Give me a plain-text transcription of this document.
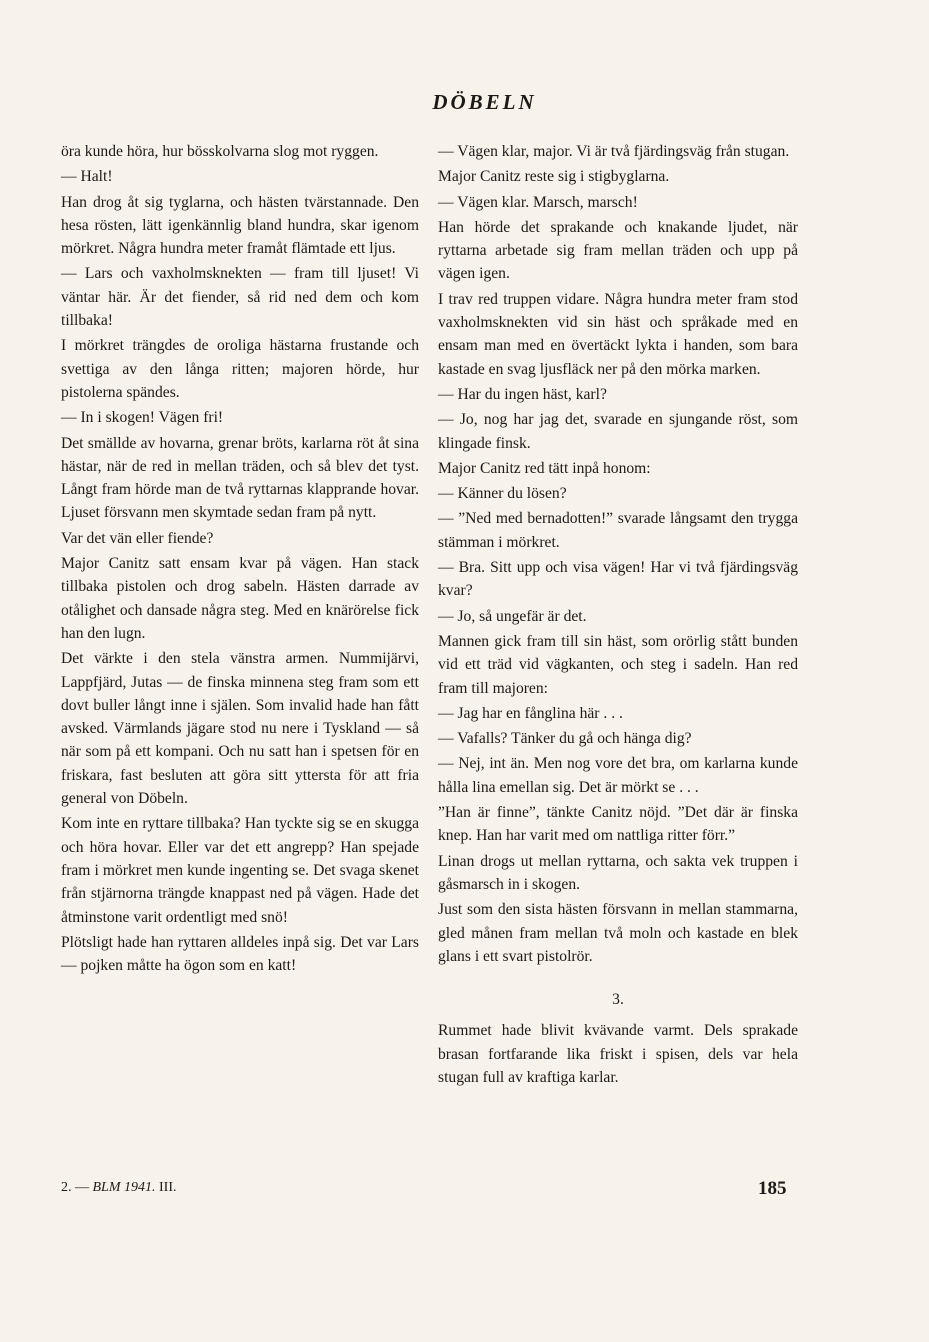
DÖBELN

öra kunde höra, hur bösskolvarna slog mot ryggen.

— Halt!

Han drog åt sig tyglarna, och hästen tvärstannade. Den hesa rösten, lätt igenkännlig bland hundra, skar igenom mörkret. Några hundra meter framåt flämtade ett ljus.

— Lars och vaxholmsknekten — fram till ljuset! Vi väntar här. Är det fiender, så rid ned dem och kom tillbaka!

I mörkret trängdes de oroliga hästarna frustande och svettiga av den långa ritten; majoren hörde, hur pistolerna spändes.

— In i skogen! Vägen fri!

Det smällde av hovarna, grenar bröts, karlarna röt åt sina hästar, när de red in mellan träden, och så blev det tyst. Långt fram hörde man de två ryttarnas klapprande hovar. Ljuset försvann men skymtade sedan fram på nytt.

Var det vän eller fiende?

Major Canitz satt ensam kvar på vägen. Han stack tillbaka pistolen och drog sabeln. Hästen darrade av otålighet och dansade några steg. Med en knärörelse fick han den lugn.

Det värkte i den stela vänstra armen. Nummijärvi, Lappfjärd, Jutas — de finska minnena steg fram som ett dovt buller långt inne i själen. Som invalid hade han fått avsked. Värmlands jägare stod nu nere i Tyskland — så när som på ett kompani. Och nu satt han i spetsen för en friskara, fast besluten att göra sitt yttersta för att fria general von Döbeln.

Kom inte en ryttare tillbaka? Han tyckte sig se en skugga och höra hovar. Eller var det ett angrepp? Han spejade fram i mörkret men kunde ingenting se. Det svaga skenet från stjärnorna trängde knappast ned på vägen. Hade det åtminstone varit ordentligt med snö!

Plötsligt hade han ryttaren alldeles inpå sig. Det var Lars — pojken måtte ha ögon som en katt!

— Vägen klar, major. Vi är två fjärdingsväg från stugan.

Major Canitz reste sig i stigbyglarna.

— Vägen klar. Marsch, marsch!

Han hörde det sprakande och knakande ljudet, när ryttarna arbetade sig fram mellan träden och upp på vägen igen.

I trav red truppen vidare. Några hundra meter fram stod vaxholmsknekten vid sin häst och språkade med en ensam man med en övertäckt lykta i handen, som bara kastade en svag ljusfläck ner på den mörka marken.

— Har du ingen häst, karl?

— Jo, nog har jag det, svarade en sjungande röst, som klingade finsk.

Major Canitz red tätt inpå honom:

— Känner du lösen?

— ”Ned med bernadotten!” svarade långsamt den trygga stämman i mörkret.

— Bra. Sitt upp och visa vägen! Har vi två fjärdingsväg kvar?

— Jo, så ungefär är det.

Mannen gick fram till sin häst, som orörlig stått bunden vid ett träd vid vägkanten, och steg i sadeln. Han red fram till majoren:

— Jag har en fånglina här . . .

— Vafalls? Tänker du gå och hänga dig?

— Nej, int än. Men nog vore det bra, om karlarna kunde hålla lina emellan sig. Det är mörkt se . . .

”Han är finne”, tänkte Canitz nöjd. ”Det där är finska knep. Han har varit med om nattliga ritter förr.”

Linan drogs ut mellan ryttarna, och sakta vek truppen i gåsmarsch in i skogen.

Just som den sista hästen försvann in mellan stammarna, gled månen fram mellan två moln och kastade en blek glans i ett svart pistolrör.

3.

Rummet hade blivit kvävande varmt. Dels sprakade brasan fortfarande lika friskt i spisen, dels var hela stugan full av kraftiga karlar.

2. — BLM 1941. III.	185
